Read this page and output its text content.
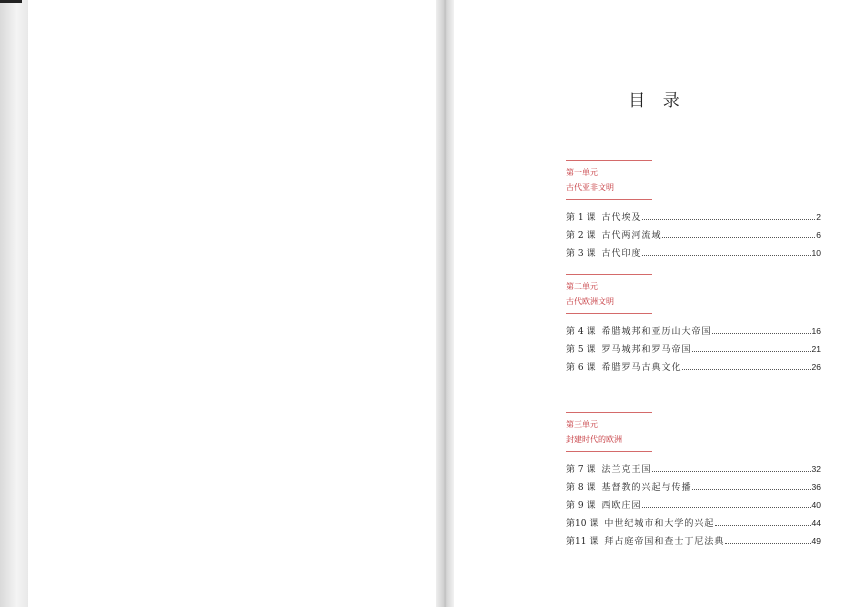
目 录
第一单元
古代亚非文明
第 1 课 古代埃及	2
第 2 课 古代两河流域	6
第 3 课 古代印度	10
第二单元
古代欧洲文明
第 4 课 希腊城邦和亚历山大帝国	16
第 5 课 罗马城邦和罗马帝国	21
第 6 课 希腊罗马古典文化	26
第三单元
封建时代的欧洲
第 7 课 法兰克王国	32
第 8 课 基督教的兴起与传播	36
第 9 课 西欧庄园	40
第10 课 中世纪城市和大学的兴起	44
第11 课 拜占庭帝国和查士丁尼法典	49
